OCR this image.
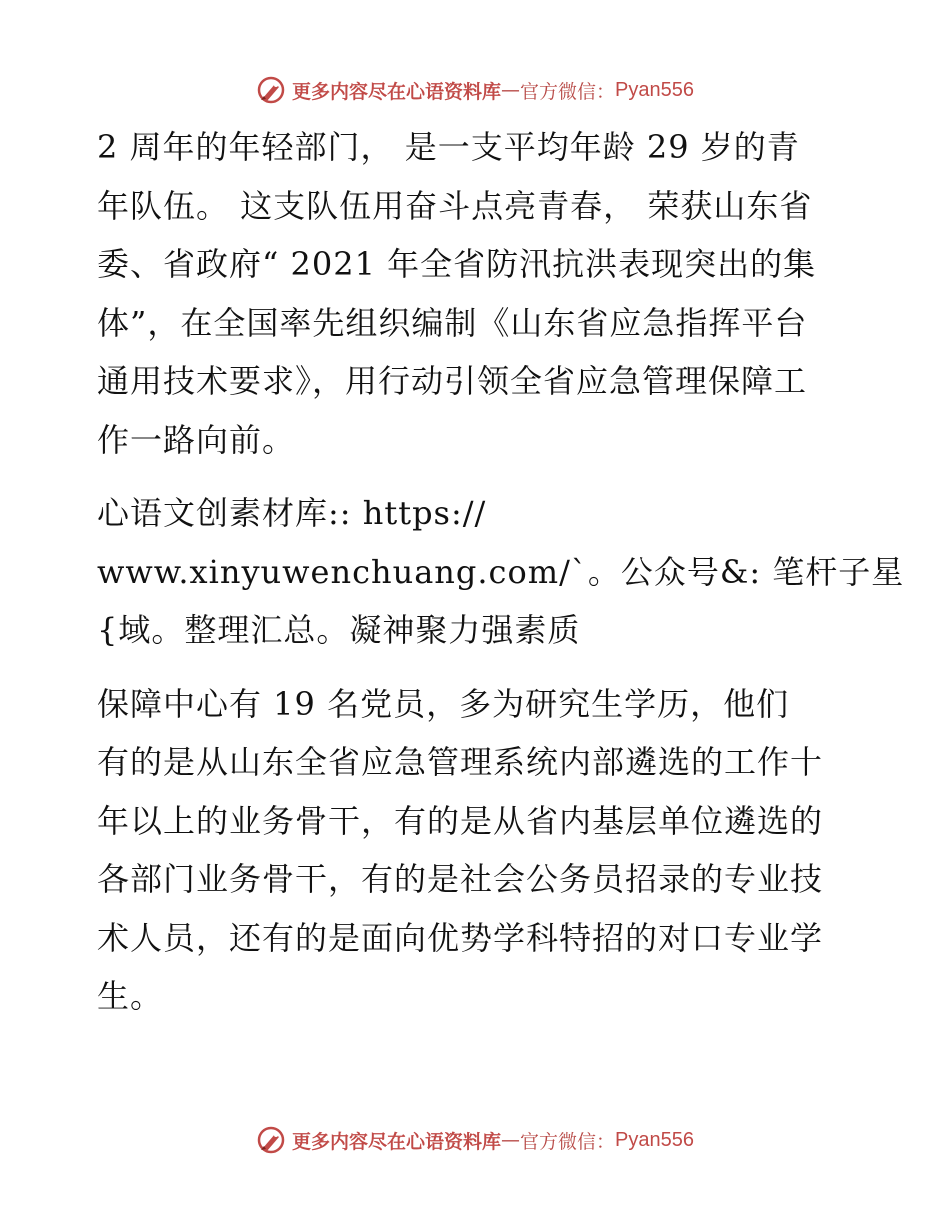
更多内容尽在心语资料库 — 官方微信： Pyan556

2 周年的年轻部门， 是一支平均年龄 29 岁的青
年队伍。 这支队伍用奋斗点亮青春， 荣获山东省
委、省政府“ 2021 年全省防汛抗洪表现突出的集
体”，在全国率先组织编制《山东省应急指挥平台
通用技术要求》，用行动引领全省应急管理保障工
作一路向前。

心语文创素材库:: https://
www.xinyuwenchuang.com/`。公众号&: 笔杆子星
{域。整理汇总。凝神聚力强素质

保障中心有 19 名党员，多为研究生学历，他们
有的是从山东全省应急管理系统内部遴选的工作十
年以上的业务骨干，有的是从省内基层单位遴选的
各部门业务骨干，有的是社会公务员招录的专业技
术人员，还有的是面向优势学科特招的对口专业学
生。

更多内容尽在心语资料库 — 官方微信： Pyan556
